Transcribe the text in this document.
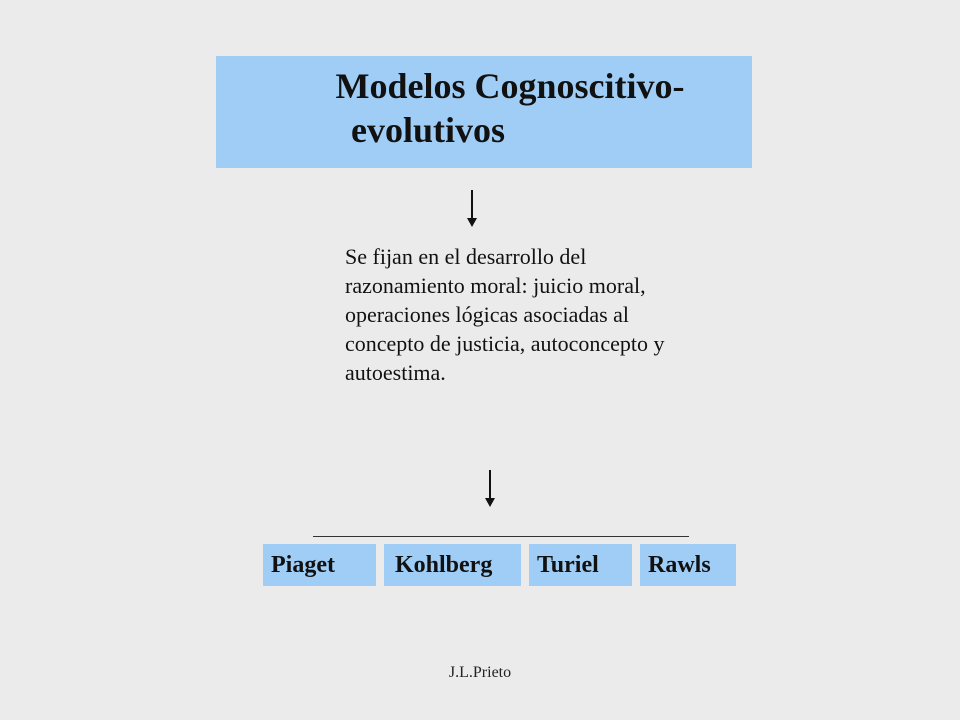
Modelos Cognoscitivo-
evolutivos
Se fijan en el desarrollo del razonamiento moral: juicio moral, operaciones lógicas asociadas al concepto de justicia, autoconcepto y autoestima.
Piaget	Kohlberg	Turiel	Rawls
J.L.Prieto
